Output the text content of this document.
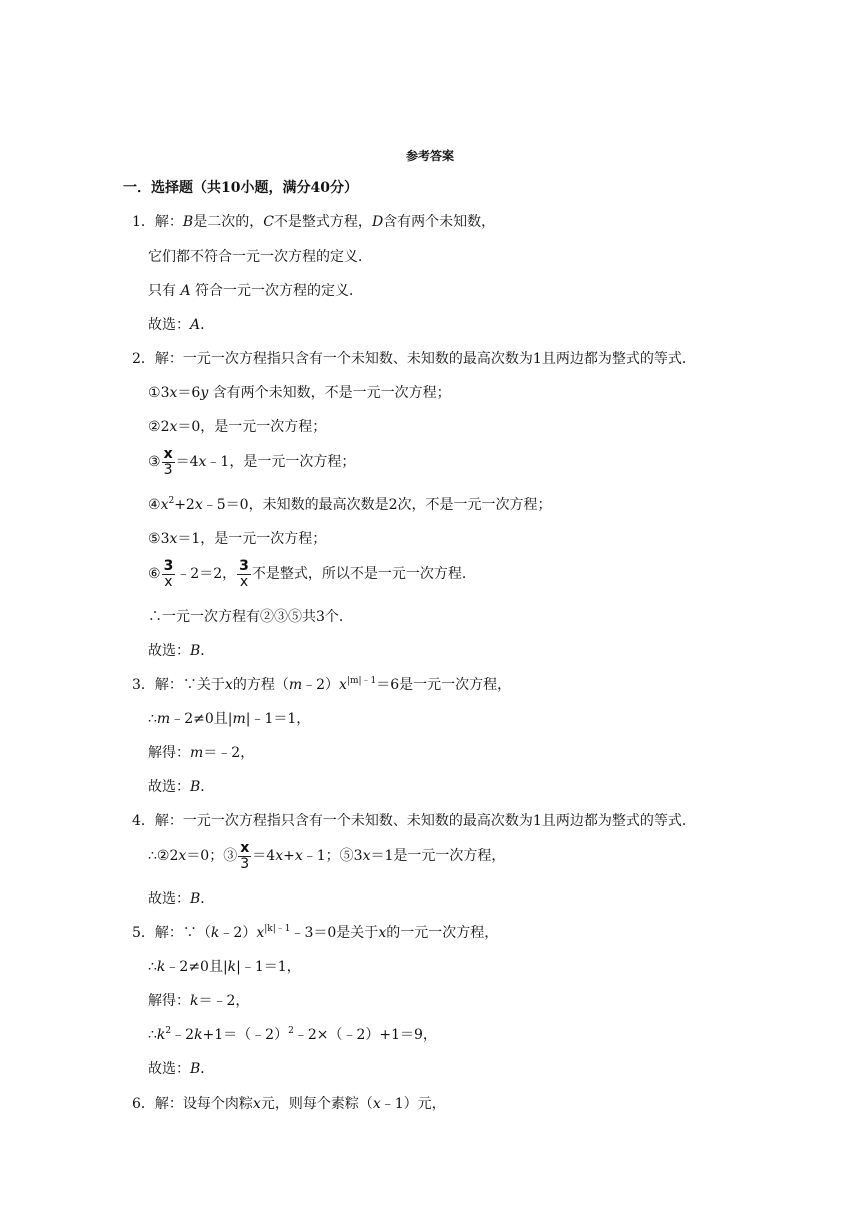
参考答案
一．选择题（共10小题，满分40分）
1．解：B是二次的，C不是整式方程，D含有两个未知数，
它们都不符合一元一次方程的定义．
只有 A 符合一元一次方程的定义．
故选：A．
2．解：一元一次方程指只含有一个未知数、未知数的最高次数为1且两边都为整式的等式．
①3x＝6y 含有两个未知数，不是一元一次方程；
②2x＝0，是一元一次方程；
③ $\frac{x}{3}$ ＝4x﹣1，是一元一次方程；
$④x^2+2x﹣5=0$，未知数的最高次数是2次，不是一元一次方程；
⑤3x＝1，是一元一次方程；
⑥ $\frac{3}{x}$ ﹣2＝2， $\frac{3}{x}$ 不是整式，所以不是一元一次方程．
∴一元一次方程有②③⑤共3个．
故选：B．
3．解：∵关于x的方程$(m﹣2)x^{|m|﹣1}=6$是一元一次方程，
∴m﹣2≠0且|m|﹣1＝1，
解得：m＝﹣2，
故选：B．
4．解：一元一次方程指只含有一个未知数、未知数的最高次数为1且两边都为整式的等式．
∴②2x＝0；③ $\frac{x}{3}$ ＝4x+x﹣1；⑤3x＝1是一元一次方程，
故选：B．
5．解：$\because(k﹣2)x^{|k|﹣1}﹣3=0$是关于x的一元一次方程，
∴k﹣2≠0且|k|﹣1＝1，
解得：k＝﹣2，
$\therefore k^2﹣2k+1=(﹣2)^2﹣2\times(﹣2)+1=9$，
故选：B．
6．解：设每个肉粽x元，则每个素粽（x﹣1）元，
